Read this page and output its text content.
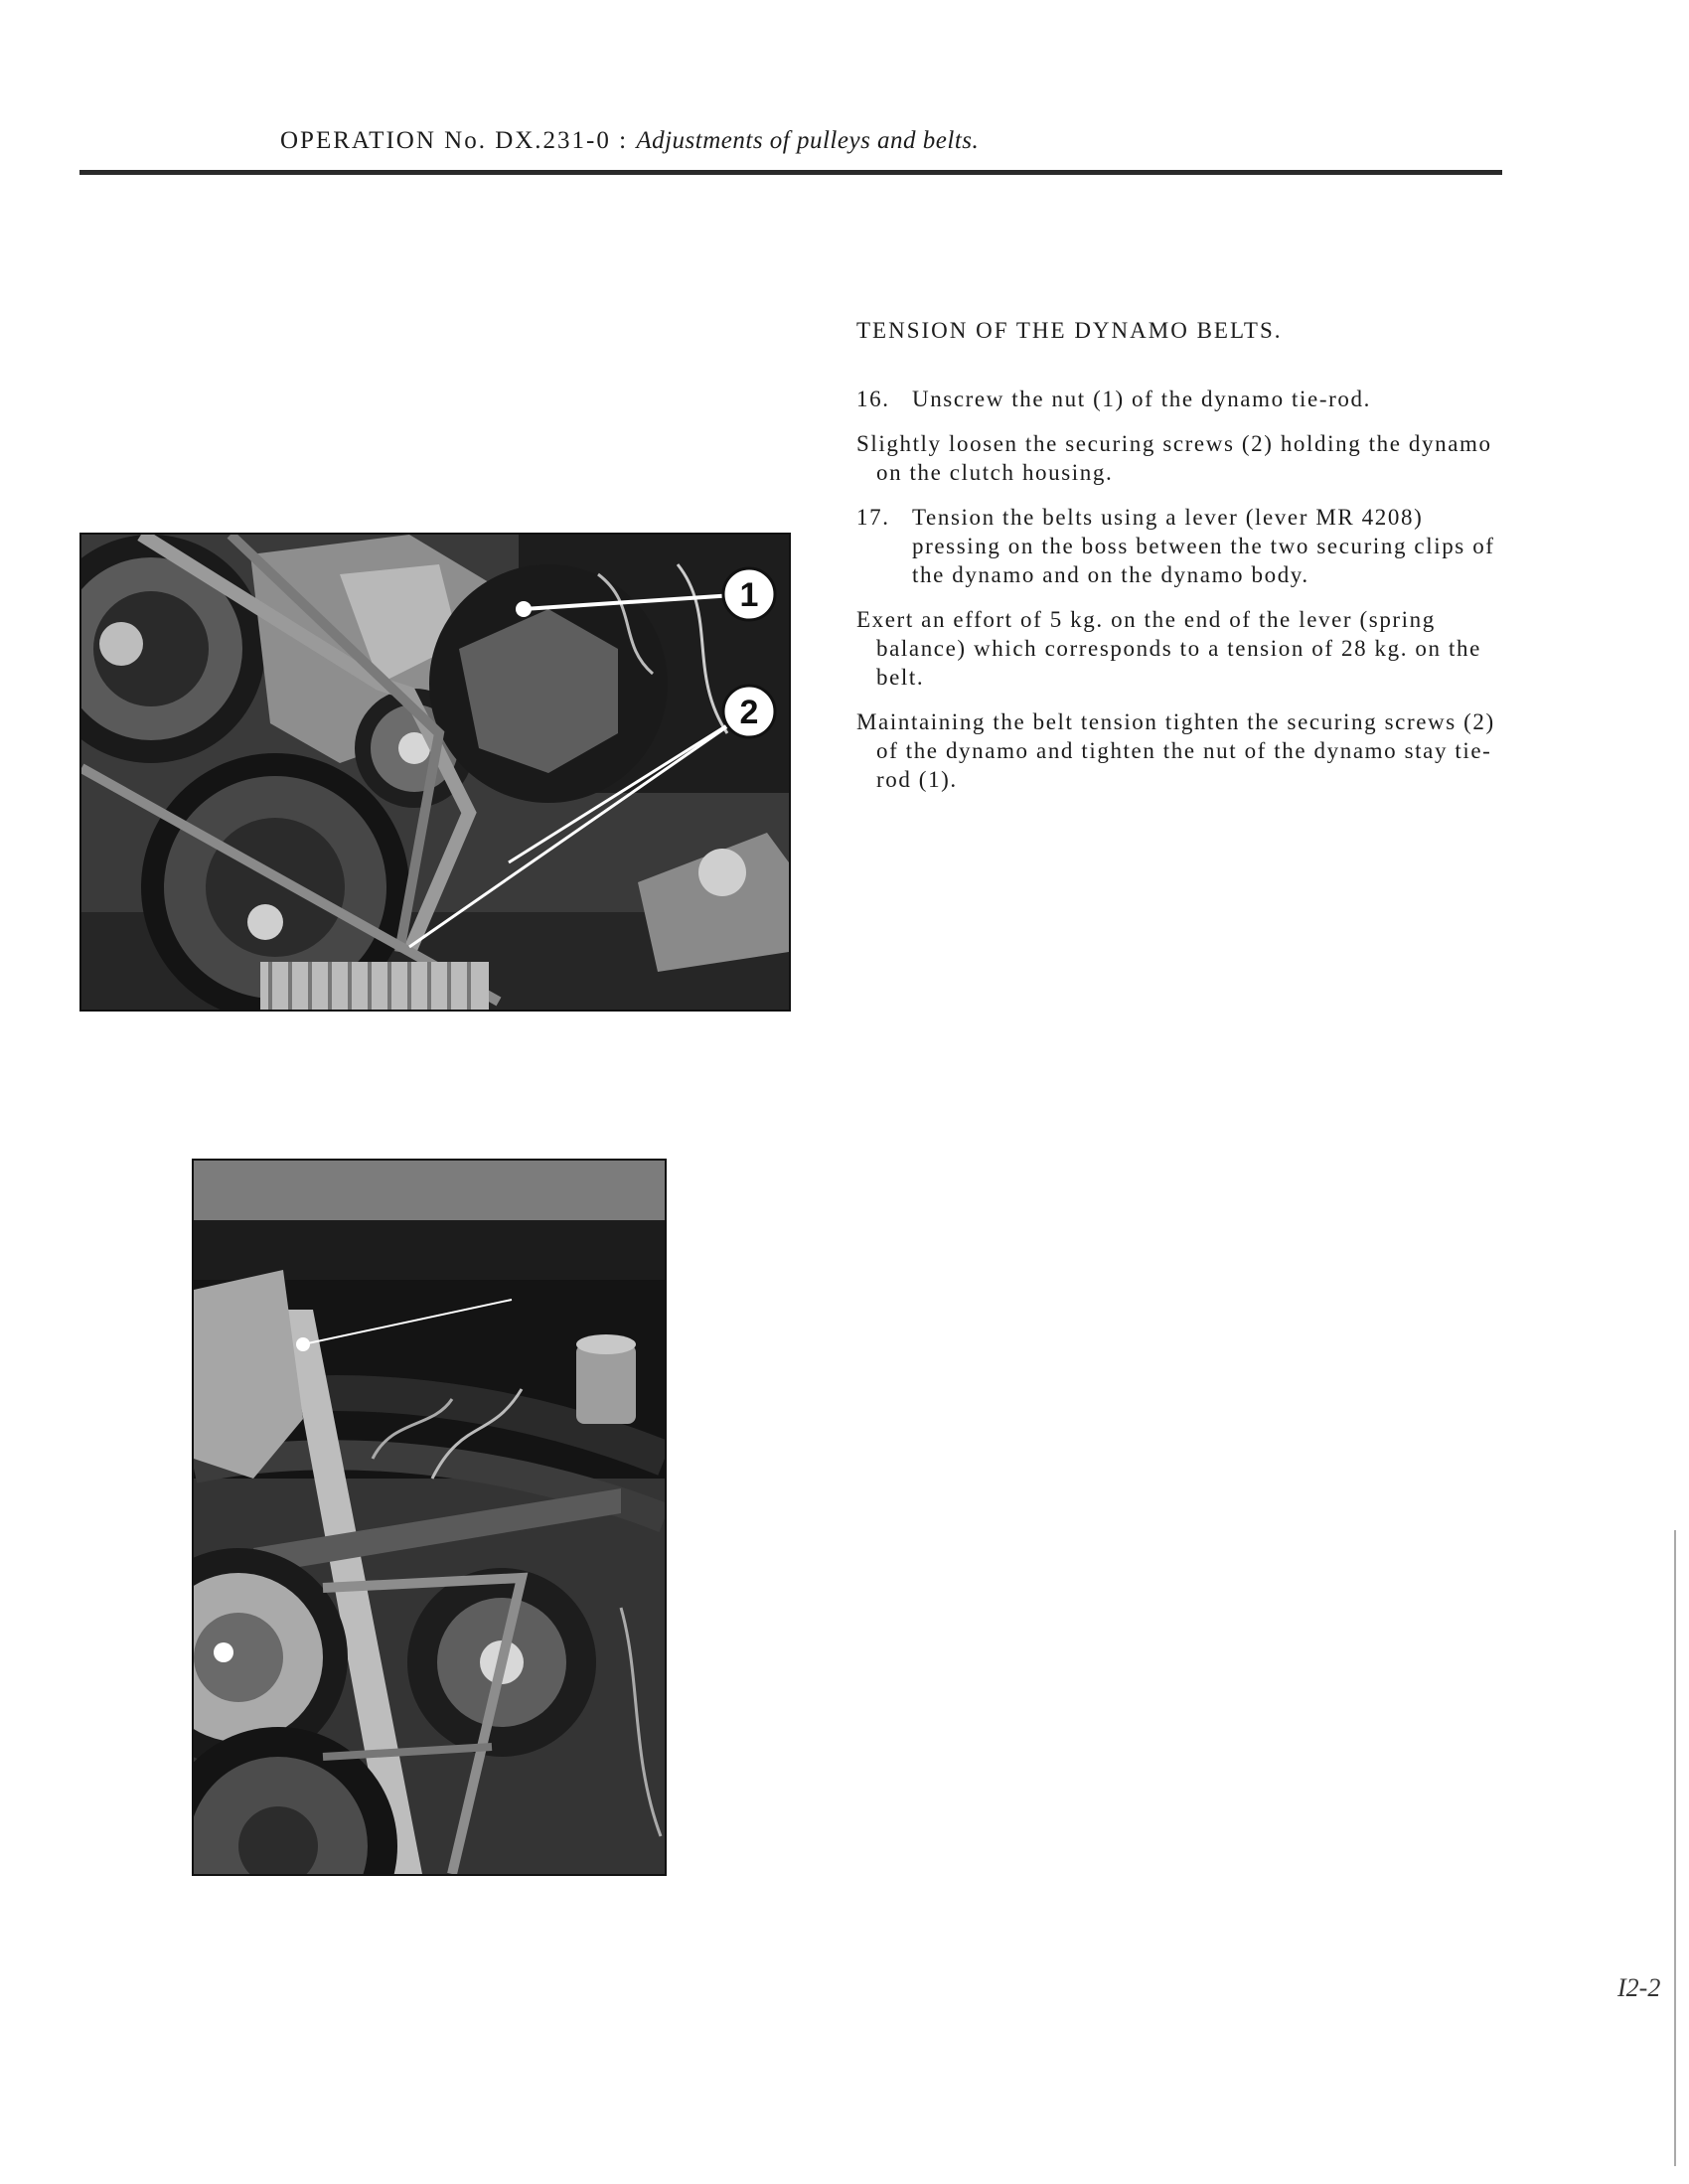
OPERATION No. DX.231-0 : Adjustments of pulleys and belts.
TENSION OF THE DYNAMO BELTS.

16. Unscrew the nut (1) of the dynamo tie-rod.

Slightly loosen the securing screws (2) holding the dynamo on the clutch housing.

17. Tension the belts using a lever (lever MR 4208) pressing on the boss between the two securing clips of the dynamo and on the dynamo body.

Exert an effort of 5 kg. on the end of the lever (spring balance) which corresponds to a tension of 28 kg. on the belt.

Maintaining the belt tension tighten the securing screws (2) of the dynamo and tighten the nut of the dynamo stay tie-rod (1).

1
2
I2-2
